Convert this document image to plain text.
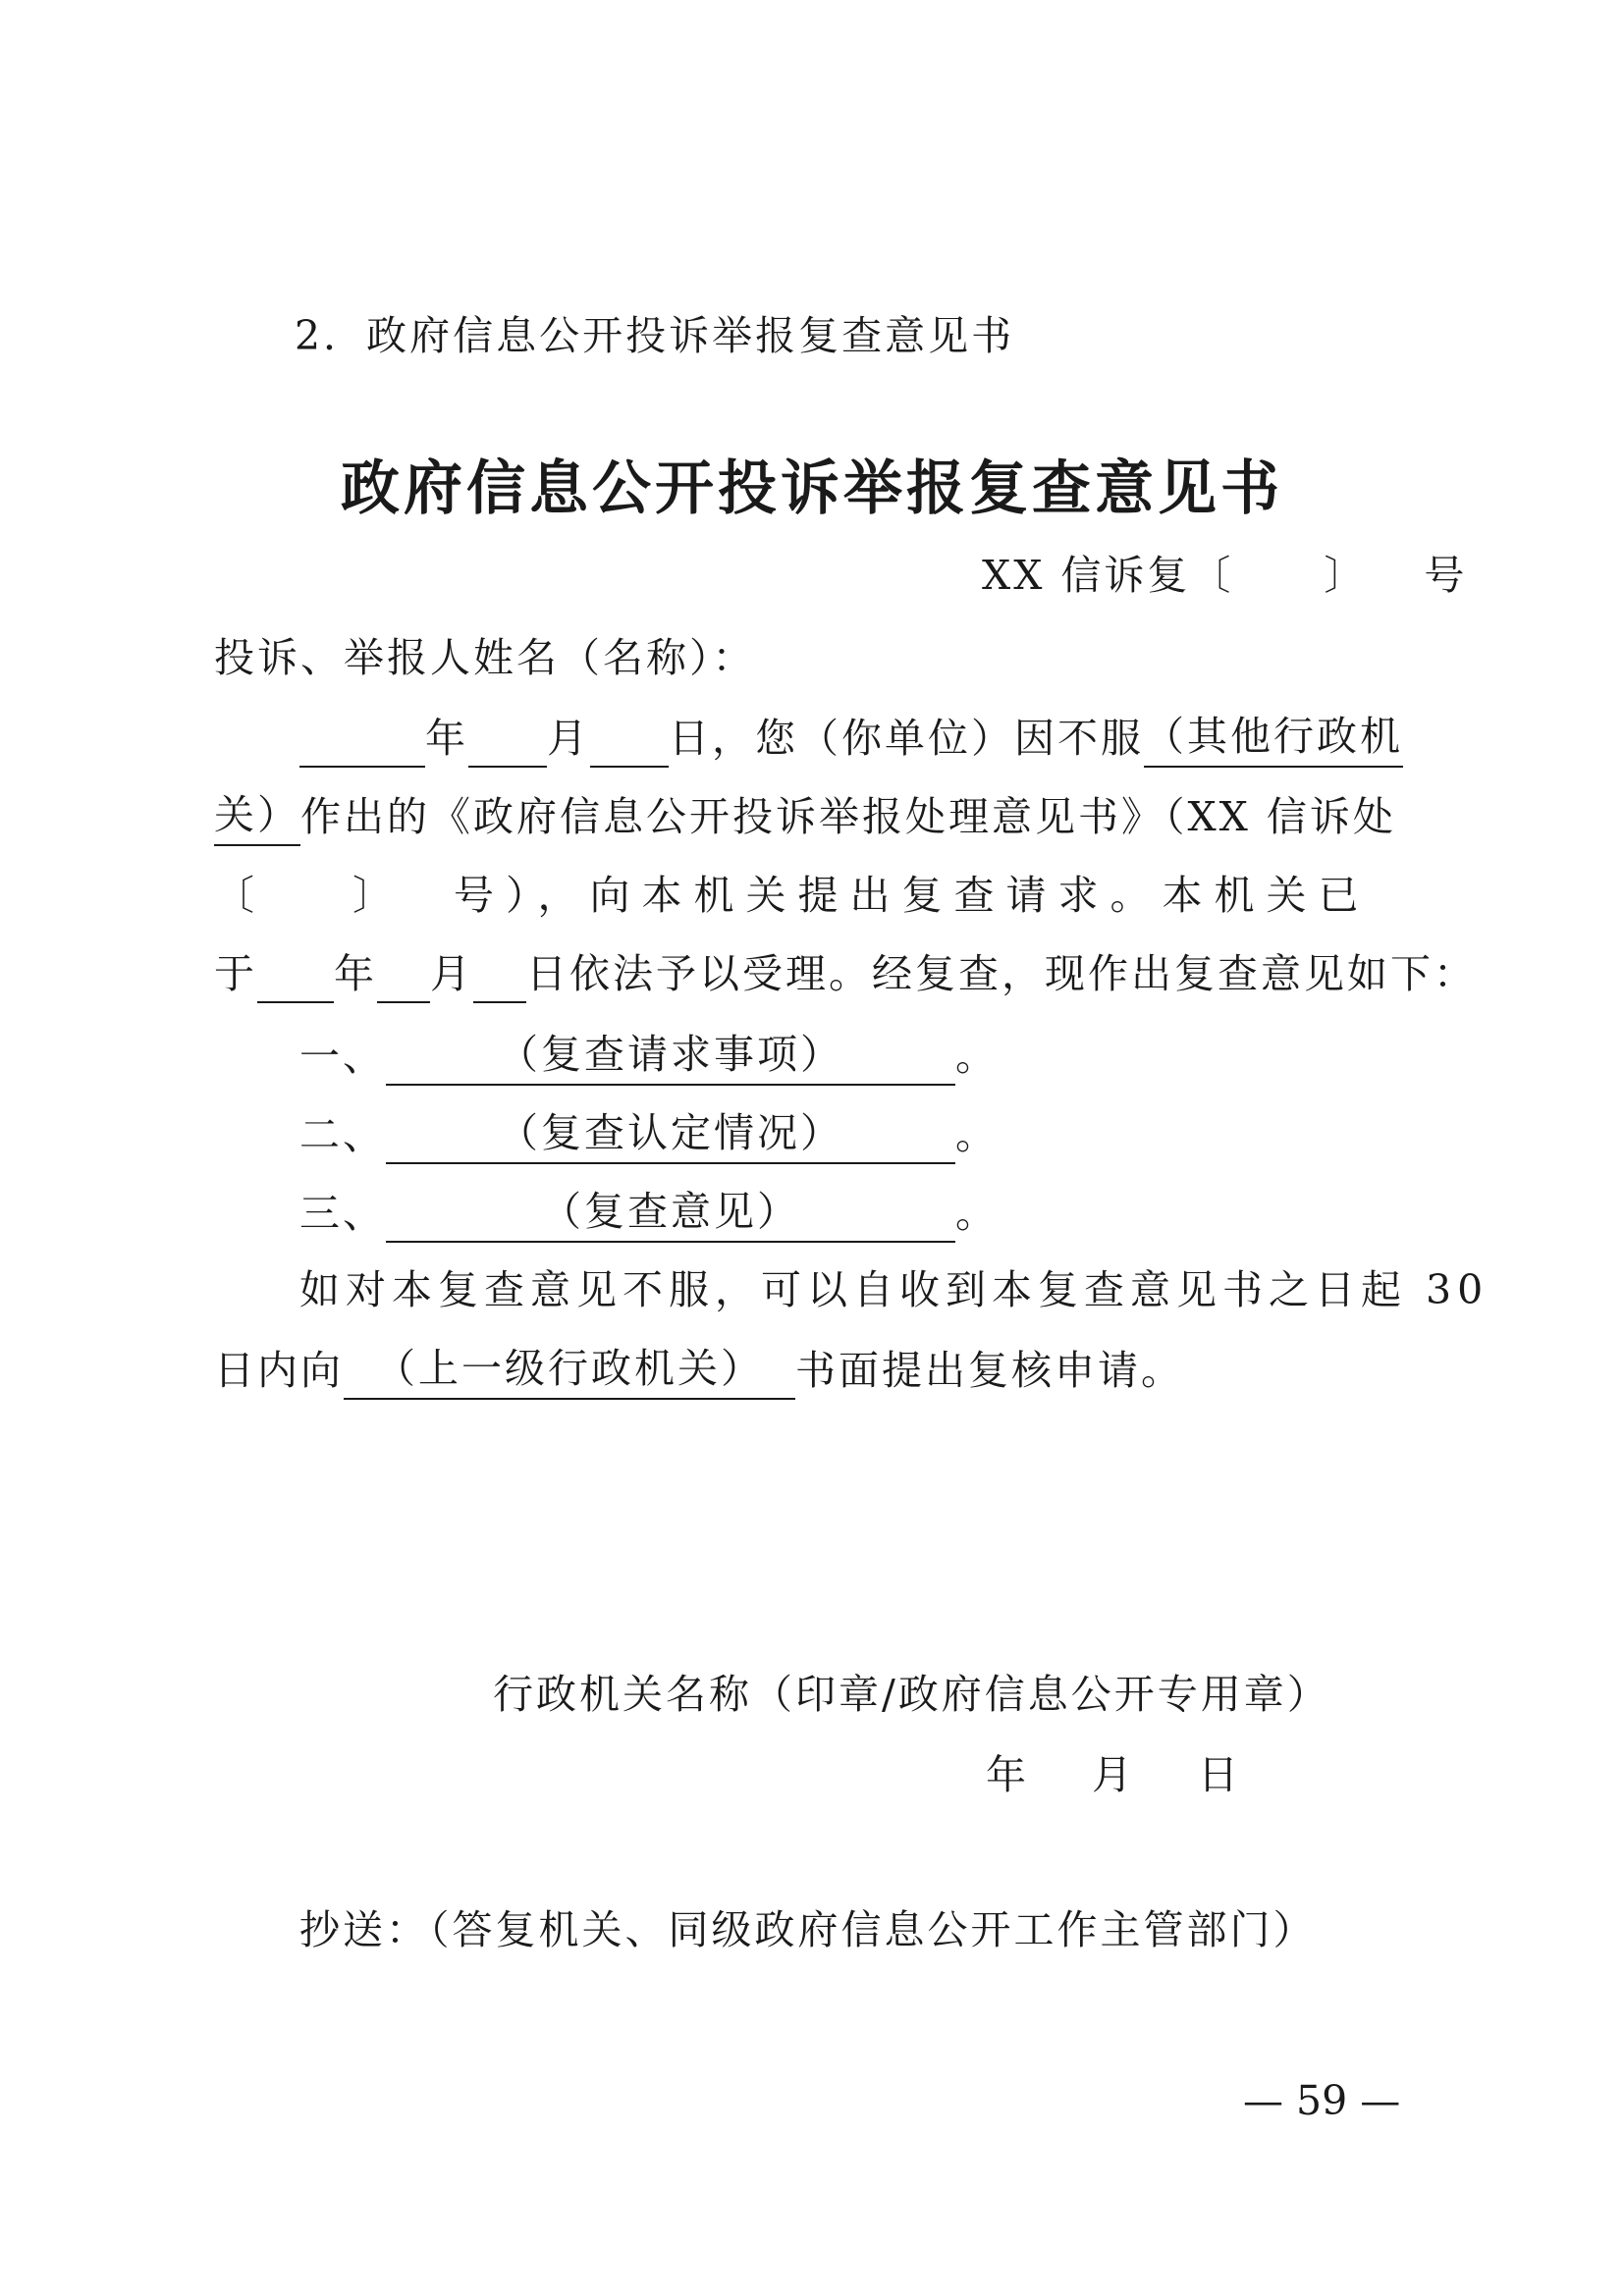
2．政府信息公开投诉举报复查意见书
政府信息公开投诉举报复查意见书
XX 信诉复〔 〕 号
投诉、举报人姓名（名称）：
年 月 日，您（你单位）因不服（其他行政机
关）作出的《政府信息公开投诉举报处理意见书》（XX 信诉处
〔 〕 号），向本机关提出复查请求。本机关已
于 年 月 日依法予以受理。经复查，现作出复查意见如下：
一、	（复查请求事项）	。
二、	（复查认定情况）	。
三、	（复查意见）	。
如对本复查意见不服，可以自收到本复查意见书之日起 30
日内向 （上一级行政机关） 书面提出复核申请。
行政机关名称（印章/政府信息公开专用章）
年 月 日
抄送：（答复机关、同级政府信息公开工作主管部门）
— 59 —
